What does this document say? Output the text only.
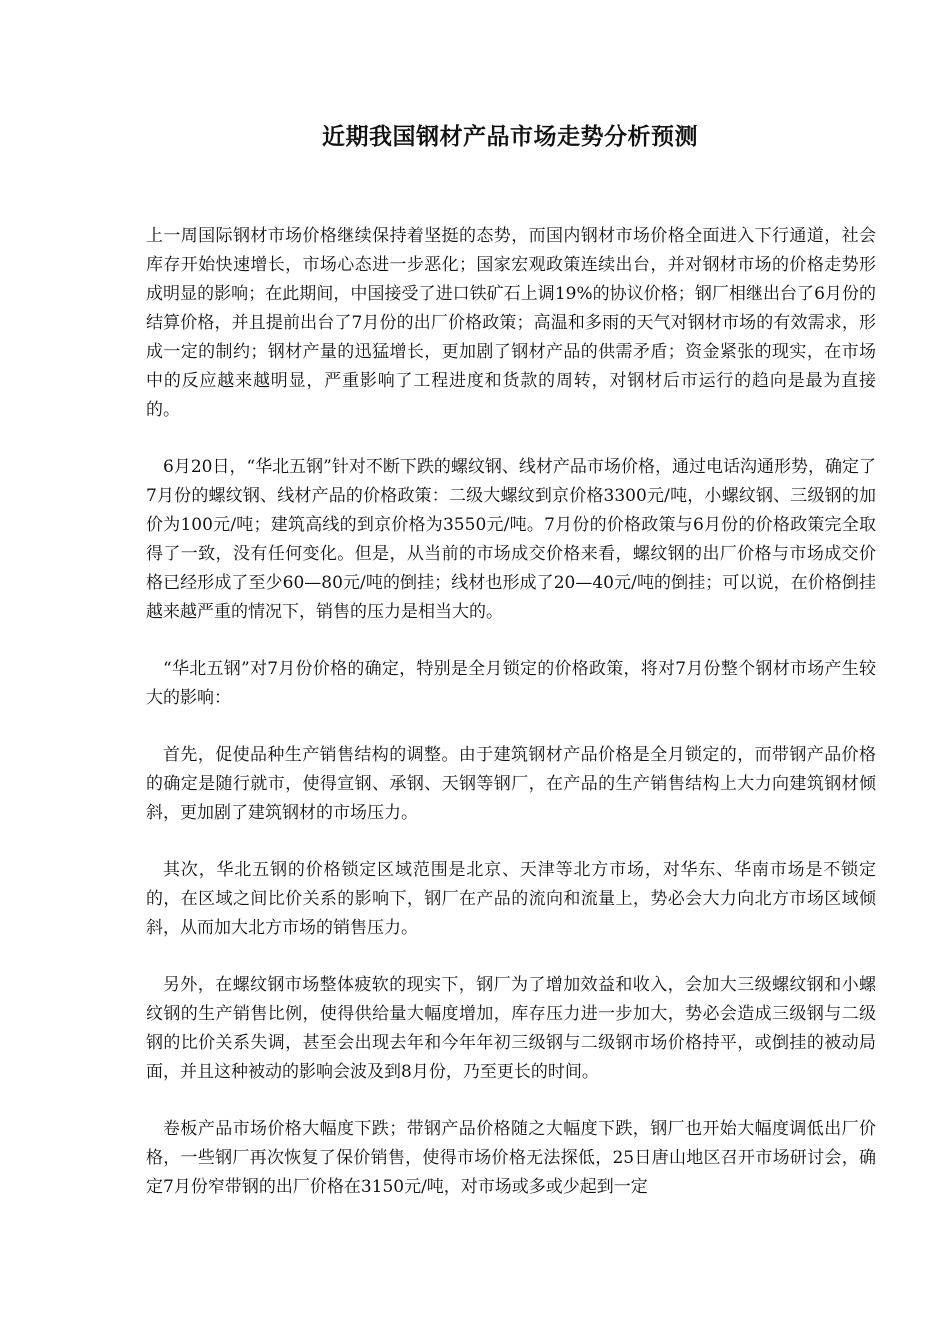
近期我国钢材产品市场走势分析预测

上一周国际钢材市场价格继续保持着坚挺的态势，而国内钢材市场价格全面进入下行通道，社会库存开始快速增长，市场心态进一步恶化；国家宏观政策连续出台，并对钢材市场的价格走势形成明显的影响；在此期间，中国接受了进口铁矿石上调19%的协议价格；钢厂相继出台了6月份的结算价格，并且提前出台了7月份的出厂价格政策；高温和多雨的天气对钢材市场的有效需求，形成一定的制约；钢材产量的迅猛增长，更加剧了钢材产品的供需矛盾；资金紧张的现实，在市场中的反应越来越明显，严重影响了工程进度和货款的周转，对钢材后市运行的趋向是最为直接的。

6月20日，“华北五钢”针对不断下跌的螺纹钢、线材产品市场价格，通过电话沟通形势，确定了7月份的螺纹钢、线材产品的价格政策：二级大螺纹到京价格3300元/吨，小螺纹钢、三级钢的加价为100元/吨；建筑高线的到京价格为3550元/吨。7月份的价格政策与6月份的价格政策完全取得了一致，没有任何变化。但是，从当前的市场成交价格来看，螺纹钢的出厂价格与市场成交价格已经形成了至少60—80元/吨的倒挂；线材也形成了20—40元/吨的倒挂；可以说，在价格倒挂越来越严重的情况下，销售的压力是相当大的。

“华北五钢”对7月份价格的确定，特别是全月锁定的价格政策，将对7月份整个钢材市场产生较大的影响：

首先，促使品种生产销售结构的调整。由于建筑钢材产品价格是全月锁定的，而带钢产品价格的确定是随行就市，使得宣钢、承钢、天钢等钢厂，在产品的生产销售结构上大力向建筑钢材倾斜，更加剧了建筑钢材的市场压力。

其次，华北五钢的价格锁定区域范围是北京、天津等北方市场，对华东、华南市场是不锁定的，在区域之间比价关系的影响下，钢厂在产品的流向和流量上，势必会大力向北方市场区域倾斜，从而加大北方市场的销售压力。

另外，在螺纹钢市场整体疲软的现实下，钢厂为了增加效益和收入，会加大三级螺纹钢和小螺纹钢的生产销售比例，使得供给量大幅度增加，库存压力进一步加大，势必会造成三级钢与二级钢的比价关系失调，甚至会出现去年和今年年初三级钢与二级钢市场价格持平，或倒挂的被动局面，并且这种被动的影响会波及到8月份，乃至更长的时间。

卷板产品市场价格大幅度下跌；带钢产品价格随之大幅度下跌，钢厂也开始大幅度调低出厂价格，一些钢厂再次恢复了保价销售，使得市场价格无法探低，25日唐山地区召开市场研讨会，确定7月份窄带钢的出厂价格在3150元/吨，对市场或多或少起到一定
